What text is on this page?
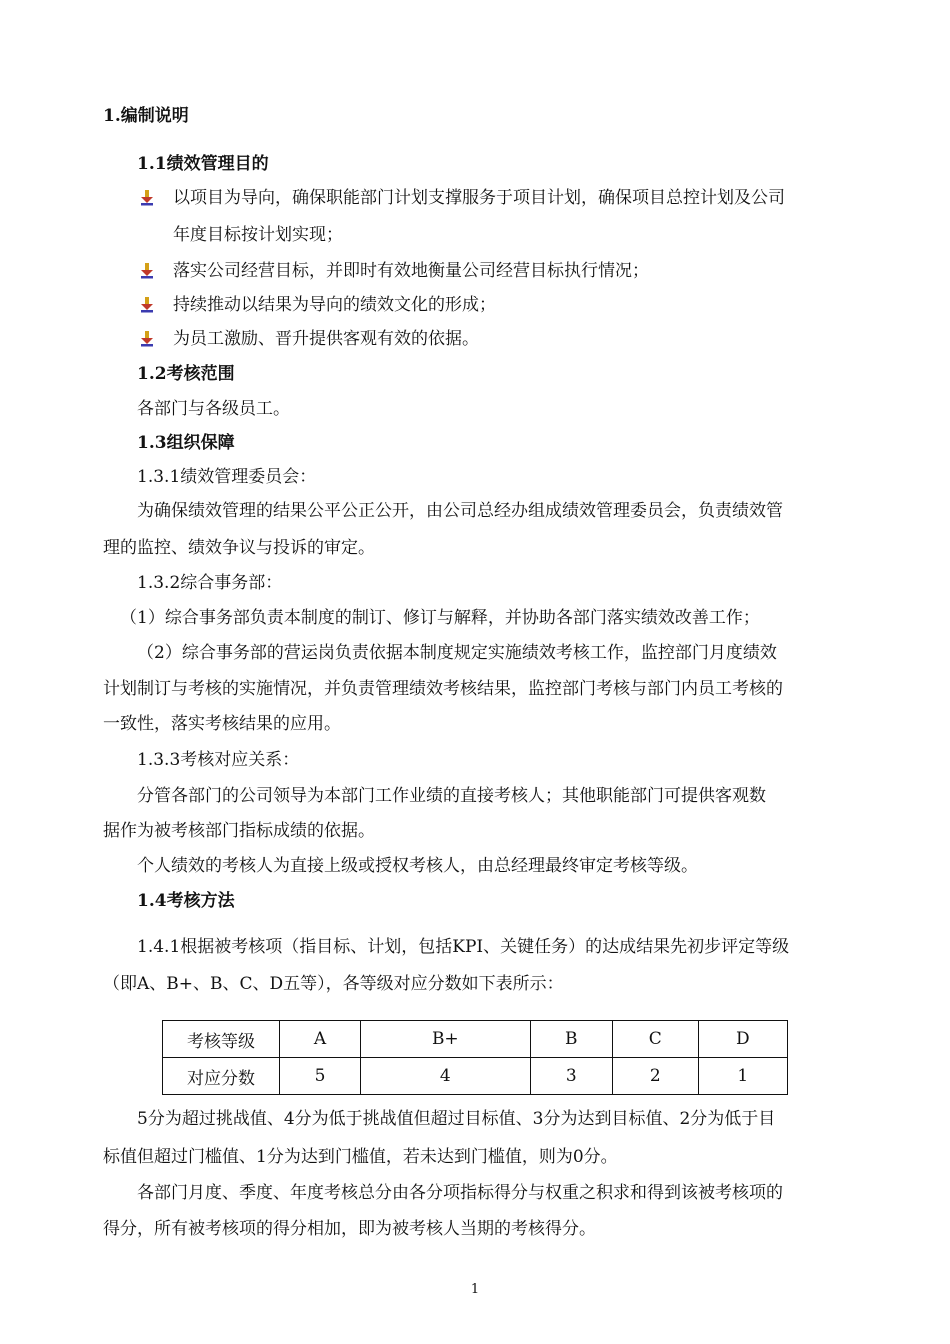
1.编制说明
1.1绩效管理目的
以项目为导向，确保职能部门计划支撑服务于项目计划，确保项目总控计划及公司
年度目标按计划实现；
落实公司经营目标，并即时有效地衡量公司经营目标执行情况；
持续推动以结果为导向的绩效文化的形成；
为员工激励、晋升提供客观有效的依据。
1.2考核范围
各部门与各级员工。
1.3组织保障
1.3.1绩效管理委员会：
为确保绩效管理的结果公平公正公开，由公司总经办组成绩效管理委员会，负责绩效管
理的监控、绩效争议与投诉的审定。
1.3.2综合事务部：
（1）综合事务部负责本制度的制订、修订与解释，并协助各部门落实绩效改善工作；
（2）综合事务部的营运岗负责依据本制度规定实施绩效考核工作，监控部门月度绩效
计划制订与考核的实施情况，并负责管理绩效考核结果，监控部门考核与部门内员工考核的
一致性，落实考核结果的应用。
1.3.3考核对应关系：
分管各部门的公司领导为本部门工作业绩的直接考核人；其他职能部门可提供客观数
据作为被考核部门指标成绩的依据。
个人绩效的考核人为直接上级或授权考核人，由总经理最终审定考核等级。
1.4考核方法
1.4.1根据被考核项（指目标、计划，包括KPI、关键任务）的达成结果先初步评定等级
（即A、B+、B、C、D五等），各等级对应分数如下表所示：
考核等级	A	B+	B	C	D
对应分数	5	4	3	2	1
5分为超过挑战值、4分为低于挑战值但超过目标值、3分为达到目标值、2分为低于目
标值但超过门槛值、1分为达到门槛值，若未达到门槛值，则为0分。
各部门月度、季度、年度考核总分由各分项指标得分与权重之积求和得到该被考核项的
得分，所有被考核项的得分相加，即为被考核人当期的考核得分。
1
